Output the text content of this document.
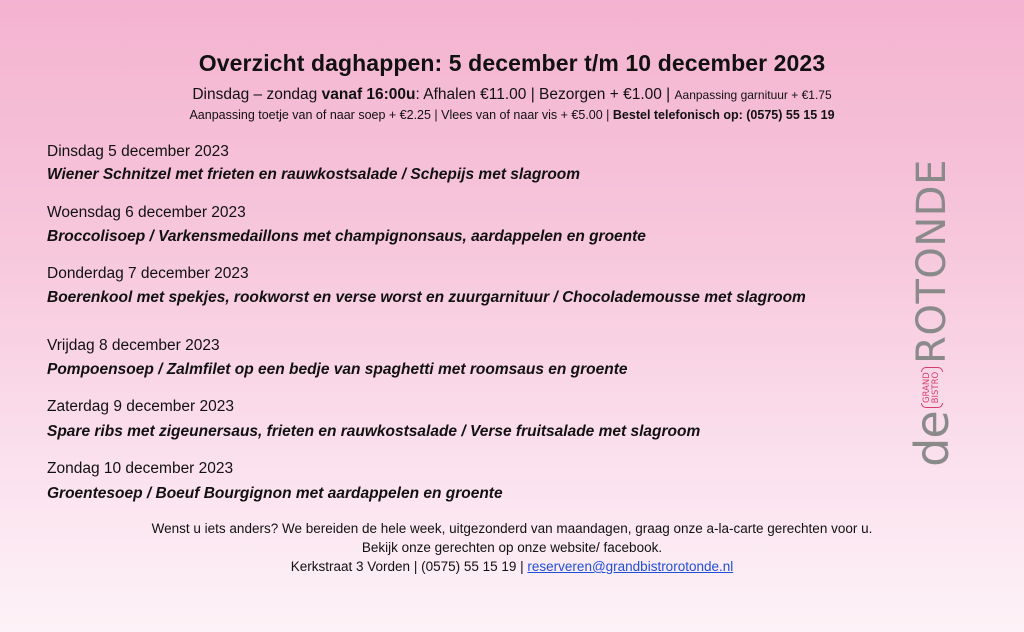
Overzicht daghappen: 5 december t/m 10 december 2023
Dinsdag – zondag vanaf 16:00u: Afhalen €11.00 | Bezorgen + €1.00 | Aanpassing garnituur + €1.75
Aanpassing toetje van of naar soep + €2.25 | Vlees van of naar vis + €5.00 | Bestel telefonisch op: (0575) 55 15 19
Dinsdag 5 december 2023
Wiener Schnitzel met frieten en rauwkostsalade / Schepijs met slagroom
Woensdag 6 december 2023
Broccolisoep / Varkensmedaillons met champignonsaus, aardappelen en groente
Donderdag 7 december 2023
Boerenkool met spekjes, rookworst en verse worst en zuurgarnituur / Chocolademousse met slagroom
Vrijdag 8 december 2023
Pompoensoep / Zalmfilet op een bedje van spaghetti met roomsaus en groente
Zaterdag 9 december 2023
Spare ribs met zigeunersaus, frieten en rauwkostsalade / Verse fruitsalade met slagroom
Zondag 10 december 2023
Groentesoep / Boeuf Bourgignon met aardappelen en groente
Wenst u iets anders? We bereiden de hele week, uitgezonderd van maandagen, graag onze a-la-carte gerechten voor u.
Bekijk onze gerechten op onze website/ facebook.
Kerkstraat 3 Vorden | (0575) 55 15 19 | reserveren@grandbistrorotonde.nl
de
GRAND BISTRO
ROTONDE
